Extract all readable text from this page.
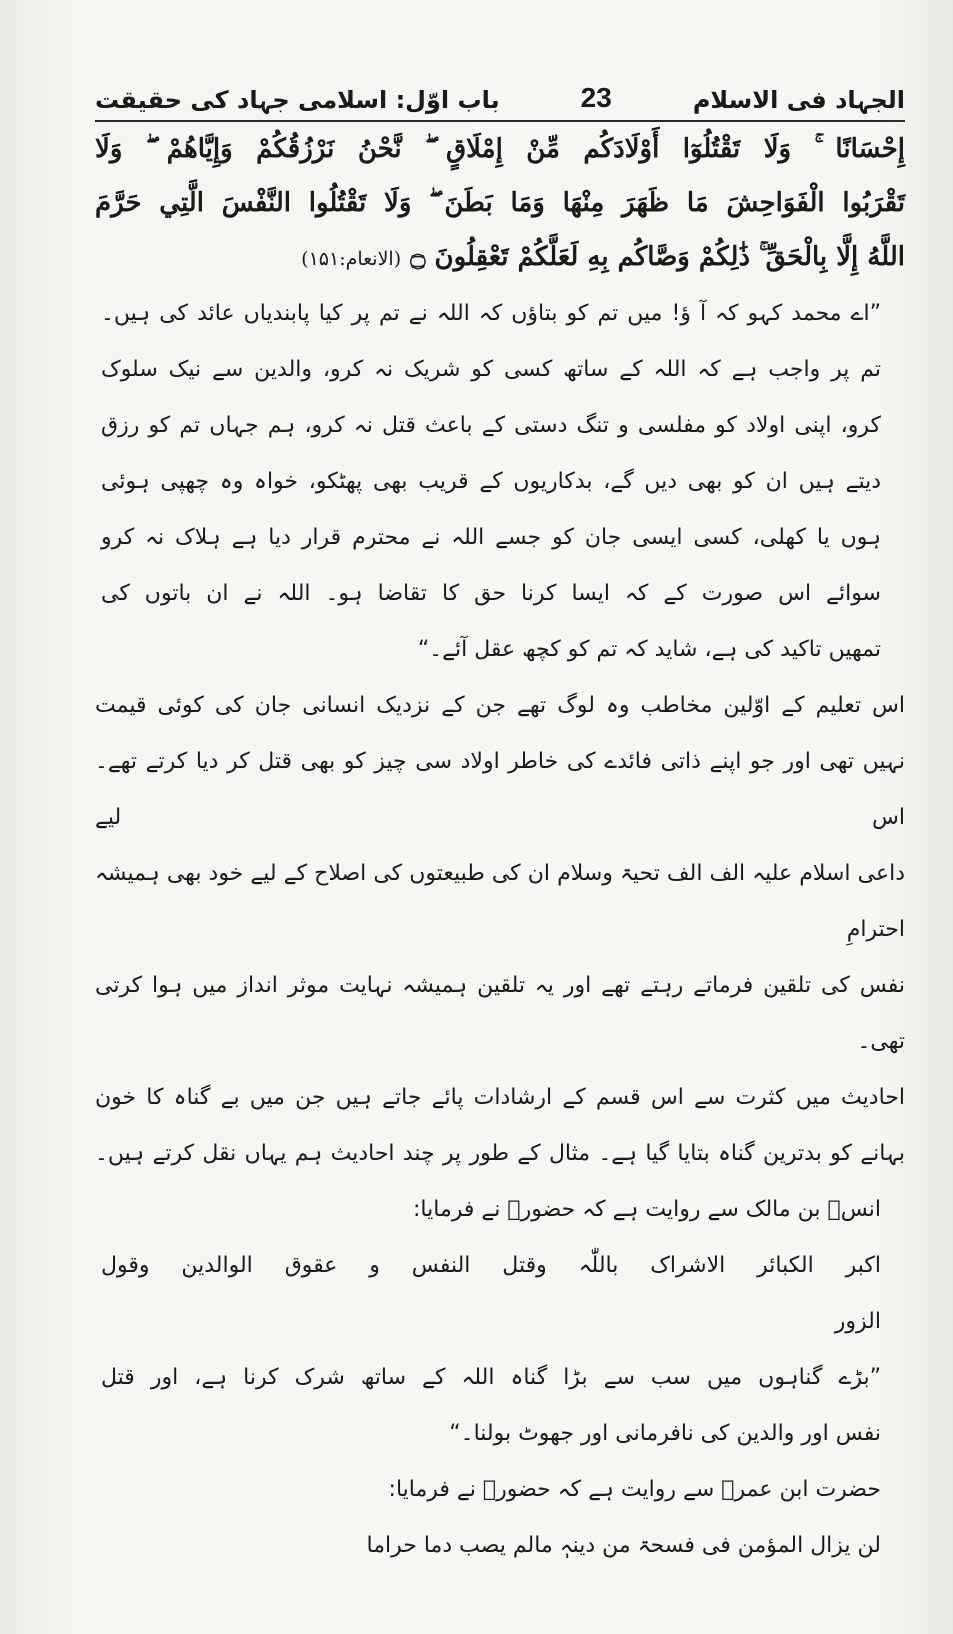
الجہاد فی الاسلام
23
باب اوّل: اسلامی جہاد کی حقیقت
إِحْسَانًا ۚ وَلَا تَقْتُلُوٓا أَوْلَادَكُم مِّنْ إِمْلَاقٍ ۖ نَّحْنُ نَرْزُقُكُمْ وَإِيَّاهُمْ ۖ وَلَا
تَقْرَبُوا الْفَوَاحِشَ مَا ظَهَرَ مِنْهَا وَمَا بَطَنَ ۖ وَلَا تَقْتُلُوا النَّفْسَ الَّتِي حَرَّمَ
اللَّهُ إِلَّا بِالْحَقِّ ۚ ذَٰلِكُمْ وَصَّاكُم بِهِ لَعَلَّكُمْ تَعْقِلُونَ ۝ (الانعام:۱۵۱)
”اے محمد کہو کہ آ ؤ! میں تم کو بتاؤں کہ اللہ نے تم پر کیا پابندیاں عائد کی ہیں۔
تم پر واجب ہے کہ اللہ کے ساتھ کسی کو شریک نہ کرو، والدین سے نیک سلوک
کرو، اپنی اولاد کو مفلسی و تنگ دستی کے باعث قتل نہ کرو، ہم جہاں تم کو رزق
دیتے ہیں ان کو بھی دیں گے، بدکاریوں کے قریب بھی پھٹکو، خواہ وہ چھپی ہوئی
ہوں یا کھلی، کسی ایسی جان کو جسے اللہ نے محترم قرار دیا ہے ہلاک نہ کرو
سوائے اس صورت کے کہ ایسا کرنا حق کا تقاضا ہو۔ اللہ نے ان باتوں کی
تمھیں تاکید کی ہے، شاید کہ تم کو کچھ عقل آئے۔“
اس تعلیم کے اوّلین مخاطب وہ لوگ تھے جن کے نزدیک انسانی جان کی کوئی قیمت
نہیں تھی اور جو اپنے ذاتی فائدے کی خاطر اولاد سی چیز کو بھی قتل کر دیا کرتے تھے۔ اس لیے
داعی اسلام علیہ الف الف تحیۃ وسلام ان کی طبیعتوں کی اصلاح کے لیے خود بھی ہمیشہ احترامِ
نفس کی تلقین فرماتے رہتے تھے اور یہ تلقین ہمیشہ نہایت موثر انداز میں ہوا کرتی تھی۔
احادیث میں کثرت سے اس قسم کے ارشادات پائے جاتے ہیں جن میں بے گناہ کا خون
بہانے کو بدترین گناہ بتایا گیا ہے۔ مثال کے طور پر چند احادیث ہم یہاں نقل کرتے ہیں۔
انسؓ بن مالک سے روایت ہے کہ حضورؐ نے فرمایا:
اکبر الکبائر الاشراک باللّٰہ وقتل النفس و عقوق الوالدین وقول
الزور
”بڑے گناہوں میں سب سے بڑا گناہ اللہ کے ساتھ شرک کرنا ہے، اور قتل
نفس اور والدین کی نافرمانی اور جھوٹ بولنا۔“
حضرت ابن عمرؓ سے روایت ہے کہ حضورؐ نے فرمایا:
لن یزال المؤمن فی فسحۃ من دینہٖ مالم یصب دما حراما
